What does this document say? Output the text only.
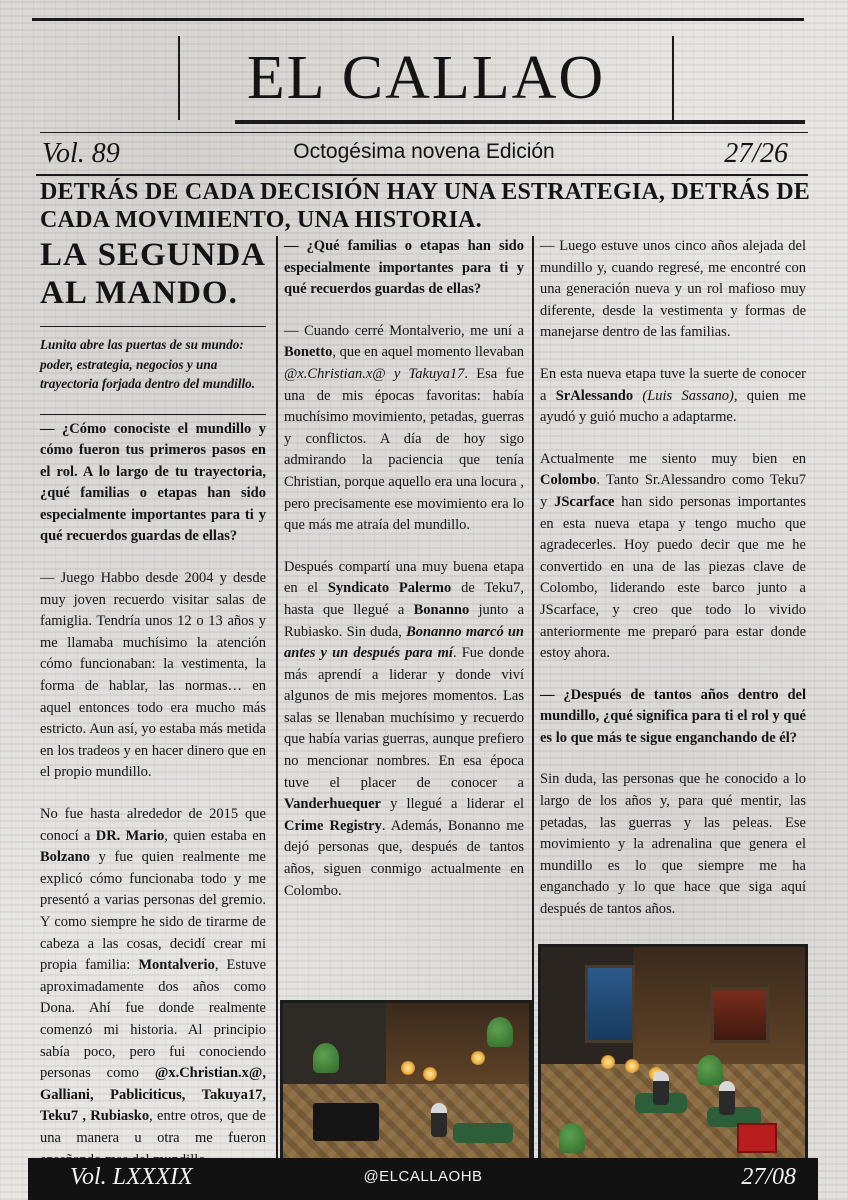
EL CALLAO
Vol. 89	Octogésima novena Edición	27/26
DETRÁS DE CADA DECISIÓN HAY UNA ESTRATEGIA, DETRÁS DE CADA MOVIMIENTO, UNA HISTORIA.
LA SEGUNDA
AL MANDO.

Lunita abre las puertas de su mundo: poder, estrategia, negocios y una trayectoria forjada dentro del mundillo.

— ¿Cómo conociste el mundillo y cómo fueron tus primeros pasos en el rol. A lo largo de tu trayectoria, ¿qué familias o etapas han sido especialmente importantes para ti y qué recuerdos guardas de ellas?

— Juego Habbo desde 2004 y desde muy joven recuerdo visitar salas de famiglia. Tendría unos 12 o 13 años y me llamaba muchísimo la atención cómo funcionaban: la vestimenta, la forma de hablar, las normas… en aquel entonces todo era mucho más estricto. Aun así, yo estaba más metida en los tradeos y en hacer dinero que en el propio mundillo.

No fue hasta alrededor de 2015 que conocí a DR. Mario, quien estaba en Bolzano y fue quien realmente me explicó cómo funcionaba todo y me presentó a varias personas del gremio. Y como siempre he sido de tirarme de cabeza a las cosas, decidí crear mi propia familia: Montalverio, Estuve aproximadamente dos años como Dona. Ahí fue donde realmente comenzó mi historia. Al principio sabía poco, pero fui conociendo personas como @x.Christian.x@, Galliani, Pabliciticus, Takuya17, Teku7 , Rubiasko, entre otros, que de una manera u otra me fueron

— ¿Qué familias o etapas han sido especialmente importantes para ti y qué recuerdos guardas de ellas?

— Cuando cerré Montalverio, me uní a Bonetto, que en aquel momento llevaban @x.Christian.x@ y Takuya17. Esa fue una de mis épocas favoritas: había muchísimo movimiento, petadas, guerras y conflictos. A día de hoy sigo admirando la paciencia que tenía Christian, porque aquello era una locura , pero precisamente ese movimiento era lo que más me atraía del mundillo.

Después compartí una muy buena etapa en el Syndicato Palermo de Teku7, hasta que llegué a Bonanno junto a Rubiasko. Sin duda, Bonanno marcó un antes y un después para mí. Fue donde más aprendí a liderar y donde viví algunos de mis mejores momentos. Las salas se llenaban muchísimo y recuerdo que había varias guerras, aunque prefiero no mencionar nombres. En esa época tuve el placer de conocer a Vanderhuequer y llegué a liderar el Crime Registry. Además, Bonanno me dejó personas que, después de tantos años, siguen conmigo actualmente en Colombo.

— Luego estuve unos cinco años alejada del mundillo y, cuando regresé, me encontré con una generación nueva y un rol mafioso muy diferente, desde la vestimenta y formas de manejarse dentro de las familias.

En esta nueva etapa tuve la suerte de conocer a SrAlessando (Luis Sassano), quien me ayudó y guió mucho a adaptarme.

Actualmente me siento muy bien en Colombo. Tanto Sr.Alessandro como Teku7 y JScarface han sido personas importantes en esta nueva etapa y tengo mucho que agradecerles. Hoy puedo decir que me he convertido en una de las piezas clave de Colombo, liderando este barco junto a JScarface, y creo que todo lo vivido anteriormente me preparó para estar donde estoy ahora.

— ¿Después de tantos años dentro del mundillo, ¿qué significa para ti el rol y qué es lo que más te sigue enganchando de él?

Sin duda, las personas que he conocido a lo largo de los años y, para qué mentir, las petadas, las guerras y las peleas. Ese movimiento y la adrenalina que genera el mundillo es lo que siempre me ha enganchado y lo que hace que siga aquí después de tantos años.

Vol. LXXXIX	@ELCALLAOHB	27/08
